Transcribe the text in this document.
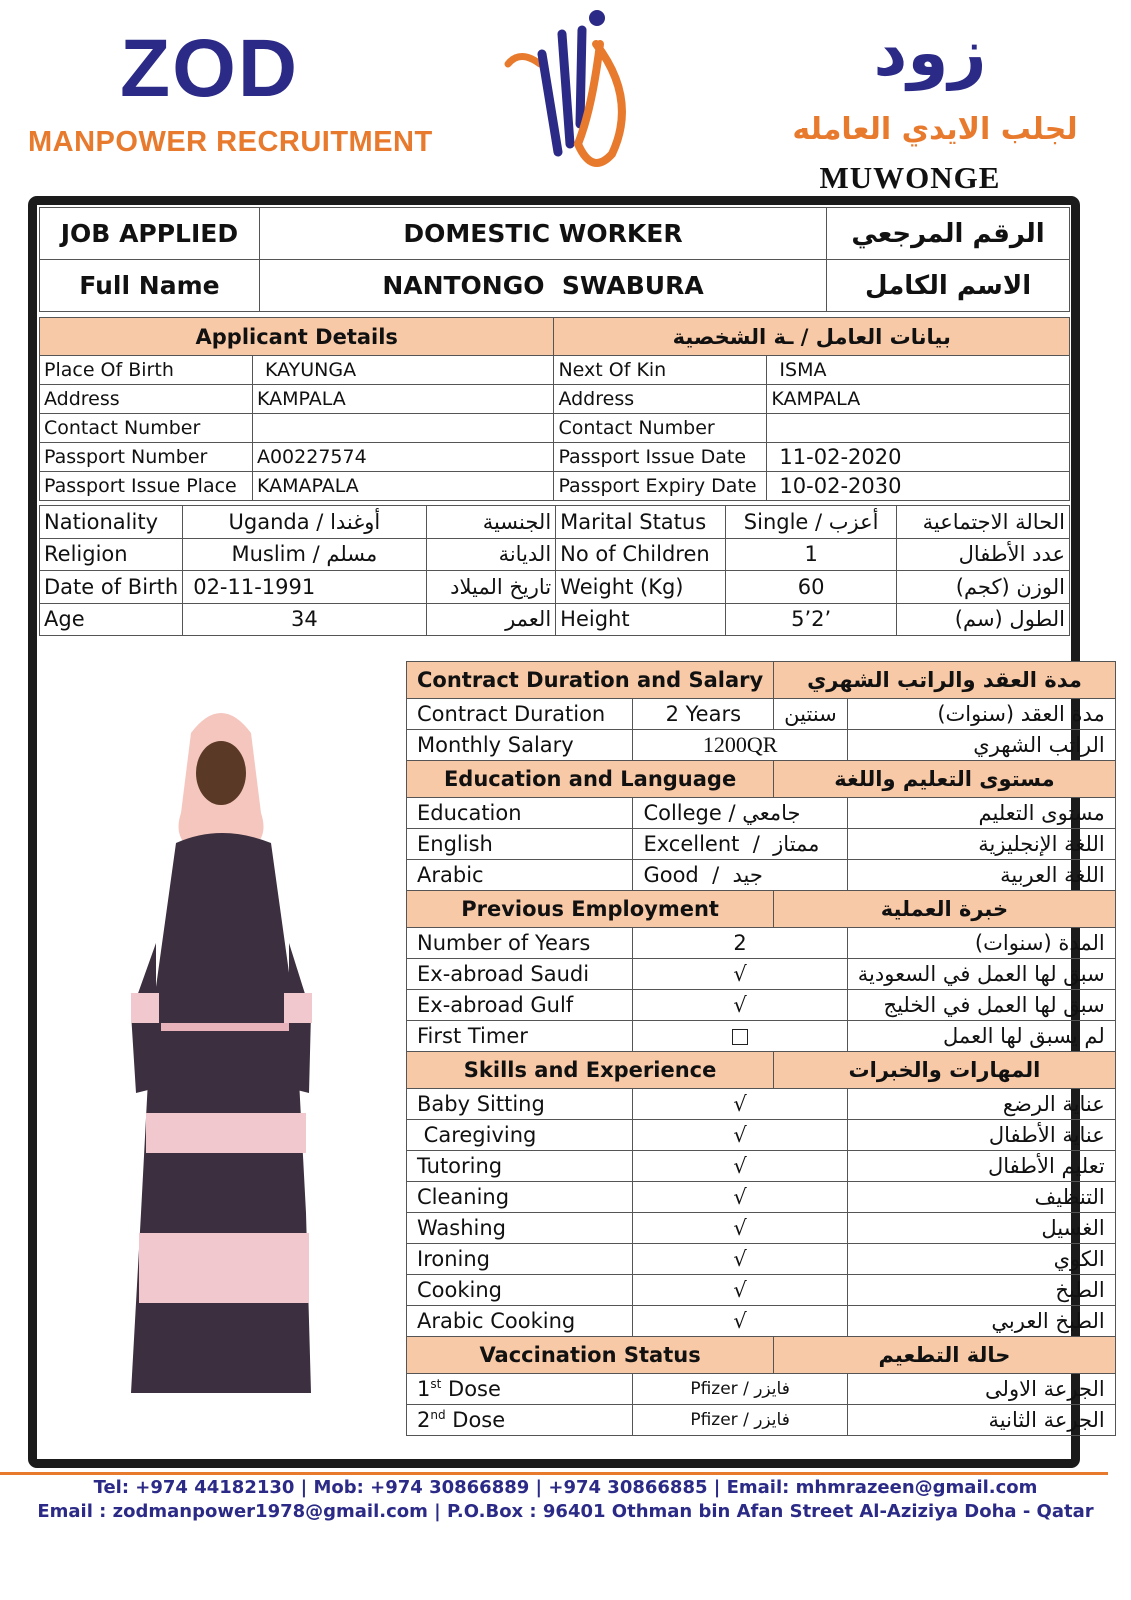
ZOD
MANPOWER RECRUITMENT
زود
لجلب الايدي العامله
MUWONGE
JOB APPLIED	DOMESTIC WORKER	الرقم المرجعي
Full Name	NANTONGO  SWABURA	الاسم الكامل
Applicant Details		بيانات العامل / ـة الشخصية	
Place Of Birth	KAYUNGA	Next Of Kin	ISMA
Address	KAMPALA	Address	KAMPALA
Contact Number		Contact Number	
Passport Number	A00227574	Passport Issue Date	11-02-2020
Passport Issue Place	KAMAPALA	Passport Expiry Date	10-02-2030
Nationality	Uganda / أوغندا	الجنسية	Marital Status	Single / أعزب	الحالة الاجتماعية
Religion	Muslim / مسلم	الديانة	No of Children	1	عدد الأطفال
Date of Birth	02-11-1991	تاريخ الميلاد	Weight (Kg)	60	الوزن (كجم)
Age	34	العمر	Height	5’2’	الطول (سم)
Contract Duration and Salary		مدة العقد والراتب الشهري	
Contract Duration	2 Years	سنتين	مدة العقد (سنوات)
Monthly Salary	1200QR		الراتب الشهري
Education and Language		مستوى التعليم واللغة	
Education	College / جامعي		مستوى التعليم
English	Excellent  /  ممتاز		اللغة الإنجليزية
Arabic	Good  /  جيد		اللغة العربية
Previous Employment		خبرة العملية	
Number of Years	2		المدة (سنوات)
Ex-abroad Saudi	√		سبق لها العمل في السعودية
Ex-abroad Gulf	√		سبق لها العمل في الخليج
First Timer			لم يسبق لها العمل
Skills and Experience		المهارات والخبرات	
Baby Sitting	√		عناية الرضع
Caregiving	√		عناية الأطفال
Tutoring	√		تعليم الأطفال
Cleaning	√		التنظيف
Washing	√		الغسيل
Ironing	√		الكوي
Cooking	√		الطبخ
Arabic Cooking	√		الطبخ العربي
Vaccination Status		حالة التطعيم	
1st Dose	Pfizer / فايزر		الجرعة الاولى
2nd Dose	Pfizer / فايزر		الجرعة الثانية
Tel: +974 44182130 | Mob: +974 30866889 | +974 30866885 | Email: mhmrazeen@gmail.com
Email : zodmanpower1978@gmail.com | P.O.Box : 96401 Othman bin Afan Street Al-Aziziya Doha - Qatar
